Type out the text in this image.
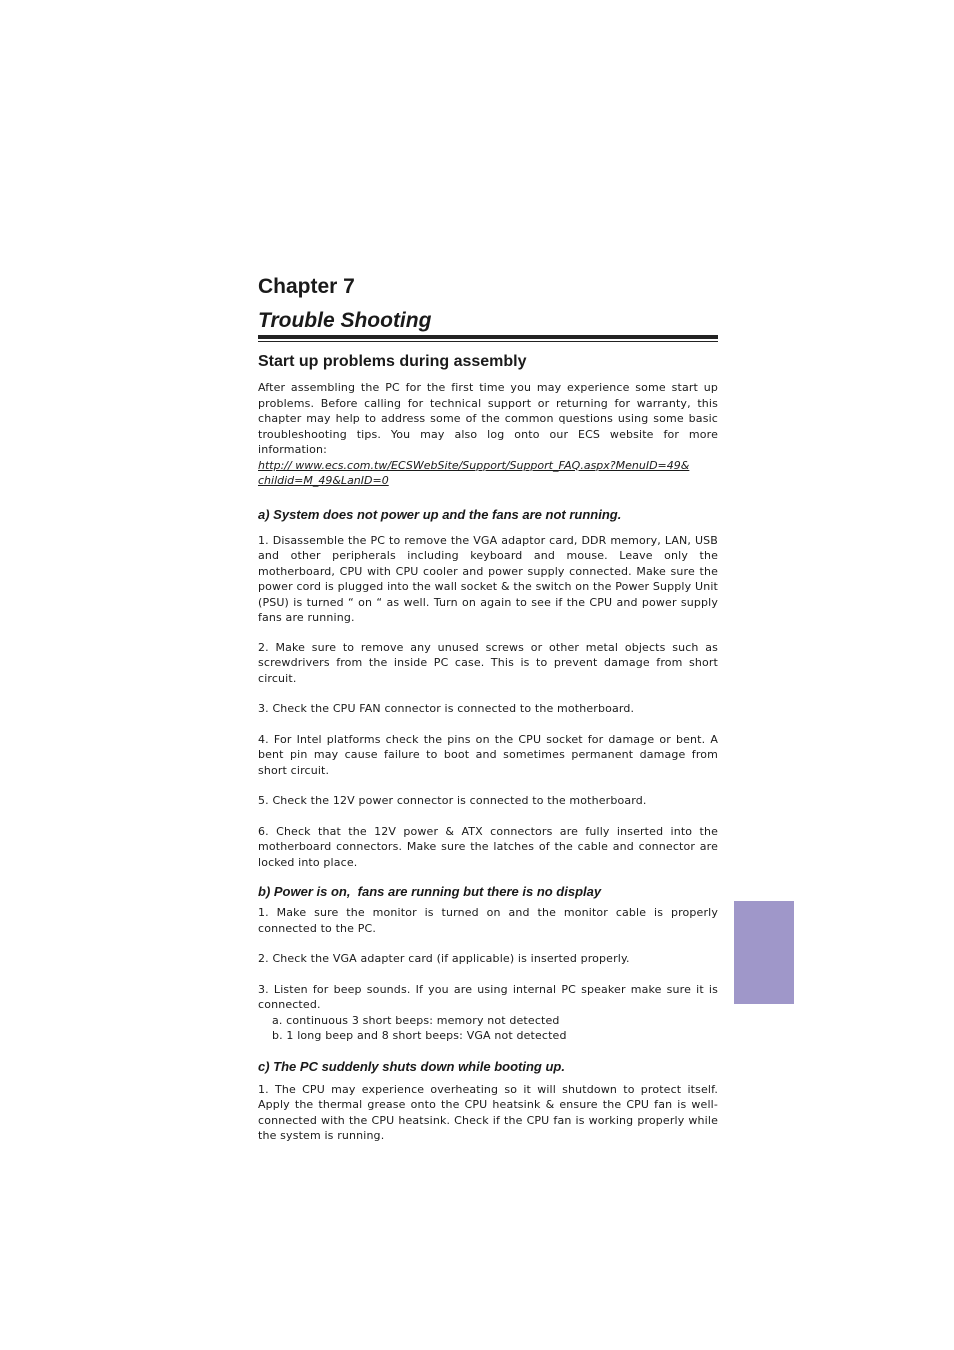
Chapter 7
Trouble Shooting
Start up problems during assembly

After assembling the PC for the first time you may experience some start up problems. Before calling for technical support or returning for warranty, this chapter may help to address some of the common questions using some basic troubleshooting tips. You may also log onto our ECS website for more information:

http:// www.ecs.com.tw/ECSWebSite/Support/Support_FAQ.aspx?MenuID=49&
childid=M_49&LanID=0
a) System does not power up and the fans are not running.

1. Disassemble the PC to remove the VGA adaptor card, DDR memory, LAN, USB and other peripherals including keyboard and mouse. Leave only the motherboard, CPU with CPU cooler and power supply connected. Make sure the power cord is plugged into the wall socket & the switch on the Power Supply Unit (PSU) is turned “ on “ as well. Turn on again to see if the CPU and power supply fans are running.

2. Make sure to remove any unused screws or other metal objects such as screwdrivers from the inside PC case. This is to prevent damage from short circuit.

3. Check the CPU FAN connector is connected to the motherboard.

4. For Intel platforms check the pins on the CPU socket for damage or bent. A bent pin may cause failure to boot and sometimes permanent damage from short circuit.

5. Check the 12V power connector is connected to the motherboard.

6. Check that the 12V power & ATX connectors are fully inserted into the motherboard connectors. Make sure the latches of the cable and connector are locked into place.

b) Power is on,  fans are running but there is no display

1. Make sure the monitor is turned on and the monitor cable is properly connected to the PC.

2. Check the VGA adapter card (if applicable) is inserted properly.

3. Listen for beep sounds. If you are using internal PC speaker make sure it is connected.

a. continuous 3 short beeps: memory not detected

b. 1 long beep and 8 short beeps: VGA not detected

c) The PC suddenly shuts down while booting up.

1. The CPU may experience overheating so it will shutdown to protect itself. Apply the thermal grease onto the CPU heatsink & ensure the CPU fan is well-connected with the CPU heatsink. Check if the CPU fan is working properly while the system is running.
